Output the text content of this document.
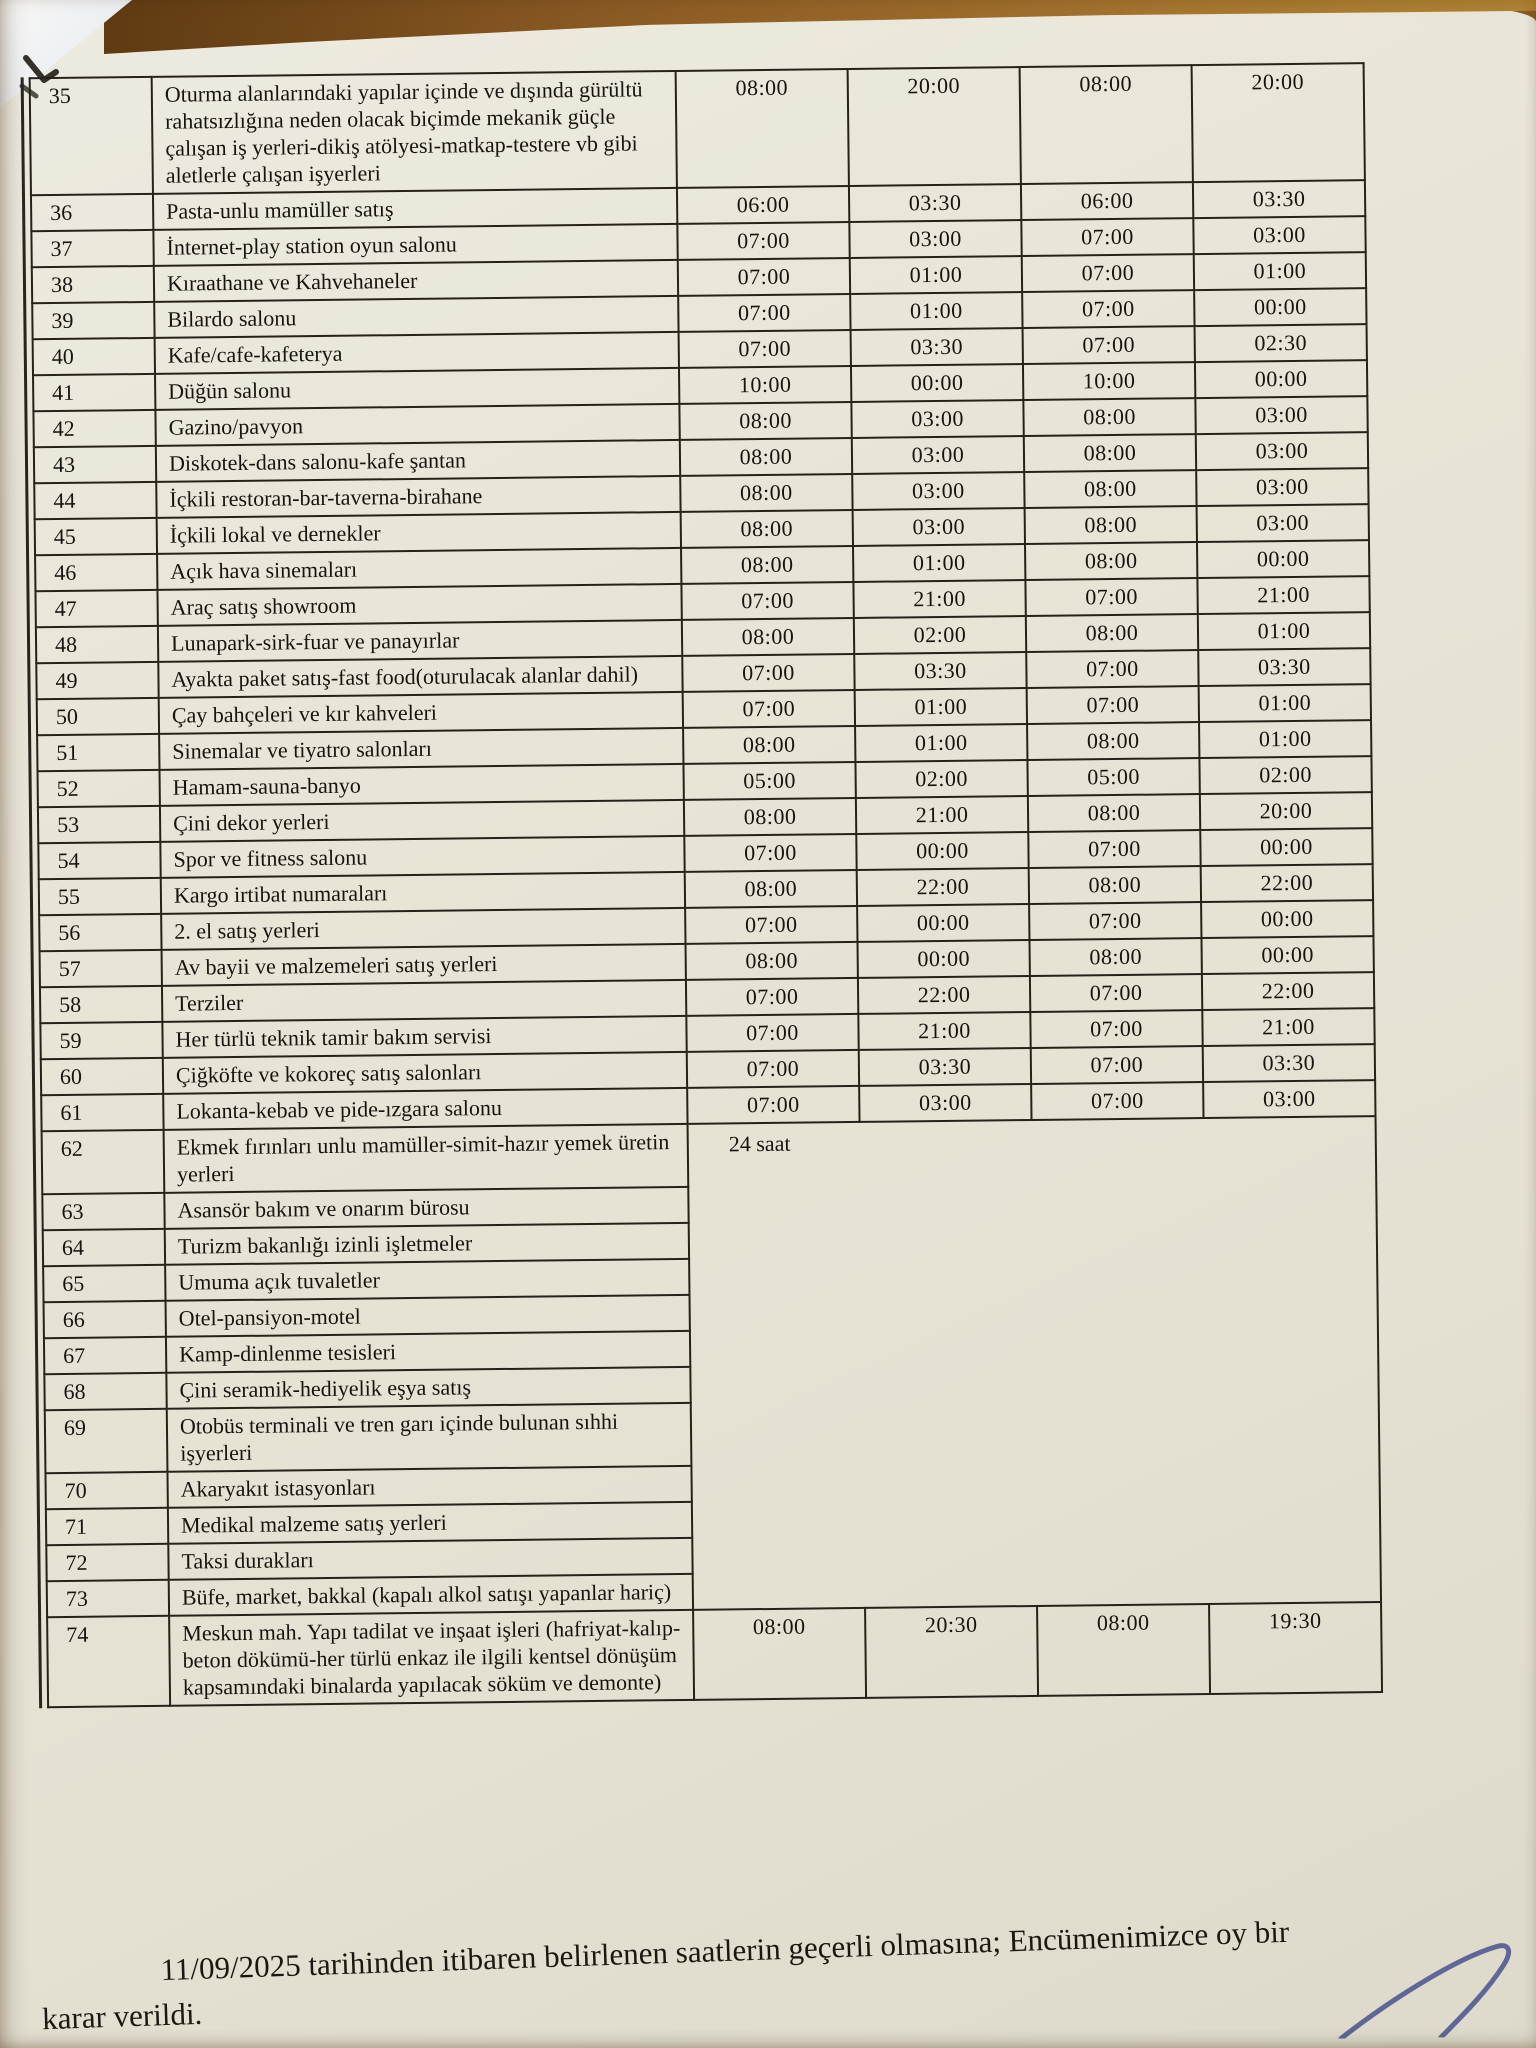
35	Oturma alanlarındaki yapılar içinde ve dışında gürültü rahatsızlığına neden olacak biçimde mekanik güçle çalışan iş yerleri-dikiş atölyesi-matkap-testere vb gibi aletlerle çalışan işyerleri	08:00	20:00	08:00	20:00
36	Pasta-unlu mamüller satış	06:00	03:30	06:00	03:30
37	İnternet-play station oyun salonu	07:00	03:00	07:00	03:00
38	Kıraathane ve Kahvehaneler	07:00	01:00	07:00	01:00
39	Bilardo salonu	07:00	01:00	07:00	00:00
40	Kafe/cafe-kafeterya	07:00	03:30	07:00	02:30
41	Düğün salonu	10:00	00:00	10:00	00:00
42	Gazino/pavyon	08:00	03:00	08:00	03:00
43	Diskotek-dans salonu-kafe şantan	08:00	03:00	08:00	03:00
44	İçkili restoran-bar-taverna-birahane	08:00	03:00	08:00	03:00
45	İçkili lokal ve dernekler	08:00	03:00	08:00	03:00
46	Açık hava sinemaları	08:00	01:00	08:00	00:00
47	Araç satış showroom	07:00	21:00	07:00	21:00
48	Lunapark-sirk-fuar ve panayırlar	08:00	02:00	08:00	01:00
49	Ayakta paket satış-fast food(oturulacak alanlar dahil)	07:00	03:30	07:00	03:30
50	Çay bahçeleri ve kır kahveleri	07:00	01:00	07:00	01:00
51	Sinemalar ve tiyatro salonları	08:00	01:00	08:00	01:00
52	Hamam-sauna-banyo	05:00	02:00	05:00	02:00
53	Çini dekor yerleri	08:00	21:00	08:00	20:00
54	Spor ve fitness salonu	07:00	00:00	07:00	00:00
55	Kargo irtibat numaraları	08:00	22:00	08:00	22:00
56	2. el satış yerleri	07:00	00:00	07:00	00:00
57	Av bayii ve malzemeleri satış yerleri	08:00	00:00	08:00	00:00
58	Terziler	07:00	22:00	07:00	22:00
59	Her türlü teknik tamir bakım servisi	07:00	21:00	07:00	21:00
60	Çiğköfte ve kokoreç satış salonları	07:00	03:30	07:00	03:30
61	Lokanta-kebab ve pide-ızgara salonu	07:00	03:00	07:00	03:00
62	Ekmek fırınları unlu mamüller-simit-hazır yemek üretin yerleri	24 saat			
63	Asansör bakım ve onarım bürosu				
64	Turizm bakanlığı izinli işletmeler				
65	Umuma açık tuvaletler				
66	Otel-pansiyon-motel				
67	Kamp-dinlenme tesisleri				
68	Çini seramik-hediyelik eşya satış				
69	Otobüs terminali ve tren garı içinde bulunan sıhhi işyerleri				
70	Akaryakıt istasyonları				
71	Medikal malzeme satış yerleri				
72	Taksi durakları				
73	Büfe, market, bakkal (kapalı alkol satışı yapanlar hariç)				
74	Meskun mah. Yapı tadilat ve inşaat işleri (hafriyat-kalıp-beton dökümü-her türlü enkaz ile ilgili kentsel dönüşüm kapsamındaki binalarda yapılacak söküm ve demonte)	08:00	20:30	08:00	19:30
11/09/2025 tarihinden itibaren belirlenen saatlerin geçerli olmasına; Encümenimizce oy bir
karar verildi.
